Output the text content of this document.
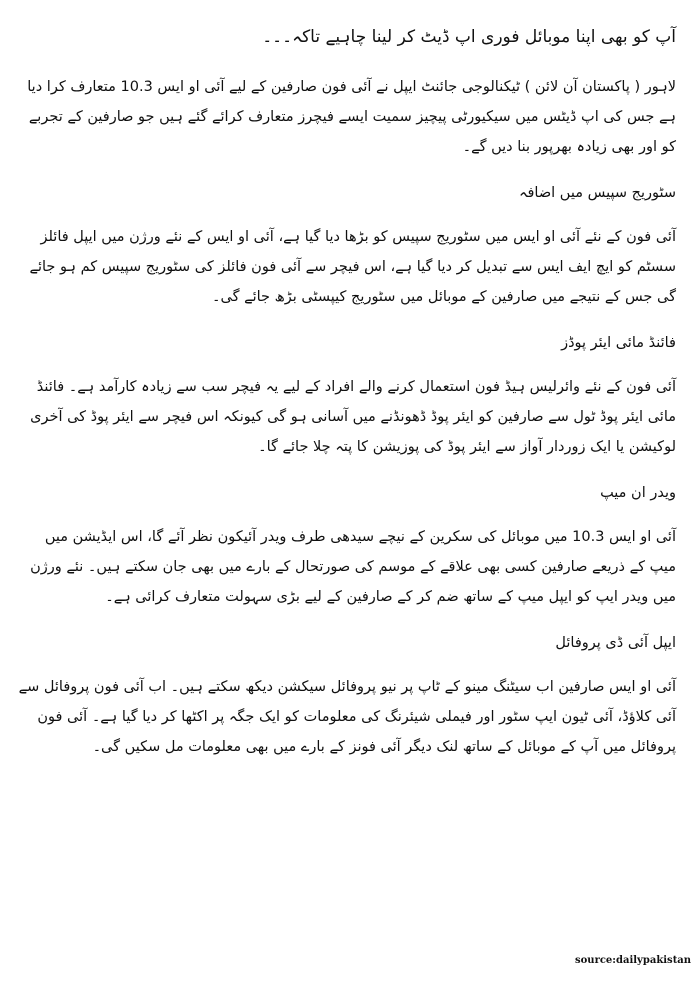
آپ کو بھی اپنا موبائل فوری اپ ڈیٹ کر لینا چاہیے تاکہ۔۔۔

لاہور ( پاکستان آن لائن ) ٹیکنالوجی جائنٹ ایپل نے آئی فون صارفین کے لیے آئی او ایس 10.3 متعارف کرا دیا ہے جس کی اپ ڈیٹس میں سیکیورٹی پیچیز سمیت ایسے فیچرز متعارف کرائے گئے ہیں جو صارفین کے تجربے کو اور بھی زیادہ بھرپور بنا دیں گے۔

سٹوریج سپیس میں اضافہ

آئی فون کے نئے آئی او ایس میں سٹوریج سپیس کو بڑھا دیا گیا ہے، آئی او ایس کے نئے ورژن میں ایپل فائلز سسٹم کو ایچ ایف ایس سے تبدیل کر دیا گیا ہے، اس فیچر سے آئی فون فائلز کی سٹوریج سپیس کم ہو جائے گی جس کے نتیجے میں صارفین کے موبائل میں سٹوریج کیپسٹی بڑھ جائے گی۔

فائنڈ مائی ایئر پوڈز

آئی فون کے نئے وائرلیس ہیڈ فون استعمال کرنے والے افراد کے لیے یہ فیچر سب سے زیادہ کارآمد ہے۔ فائنڈ مائی ایئر پوڈ ٹول سے صارفین کو ایئر پوڈ ڈھونڈنے میں آسانی ہو گی کیونکہ اس فیچر سے ایئر پوڈ کی آخری لوکیشن یا ایک زوردار آواز سے ایئر پوڈ کی پوزیشن کا پتہ چلا جائے گا۔

ویدر ان میپ

آئی او ایس 10.3 میں موبائل کی سکرین کے نیچے سیدھی طرف ویدر آئیکون نظر آئے گا، اس ایڈیشن میں میپ کے ذریعے صارفین کسی بھی علاقے کے موسم کی صورتحال کے بارے میں بھی جان سکتے ہیں۔ نئے ورژن میں ویدر ایپ کو ایپل میپ کے ساتھ ضم کر کے صارفین کے لیے بڑی سہولت متعارف کرائی ہے۔

ایپل آئی ڈی پروفائل

آئی او ایس صارفین اب سیٹنگ مینو کے ٹاپ پر نیو پروفائل سیکشن دیکھ سکتے ہیں۔ اب آئی فون پروفائل سے آئی کلاؤڈ، آئی ٹیون ایپ سٹور اور فیملی شیئرنگ کی معلومات کو ایک جگہ پر اکٹھا کر دیا گیا ہے۔ آئی فون پروفائل میں آپ کے موبائل کے ساتھ لنک دیگر آئی فونز کے بارے میں بھی معلومات مل سکیں گی۔

source:dailypakistan
